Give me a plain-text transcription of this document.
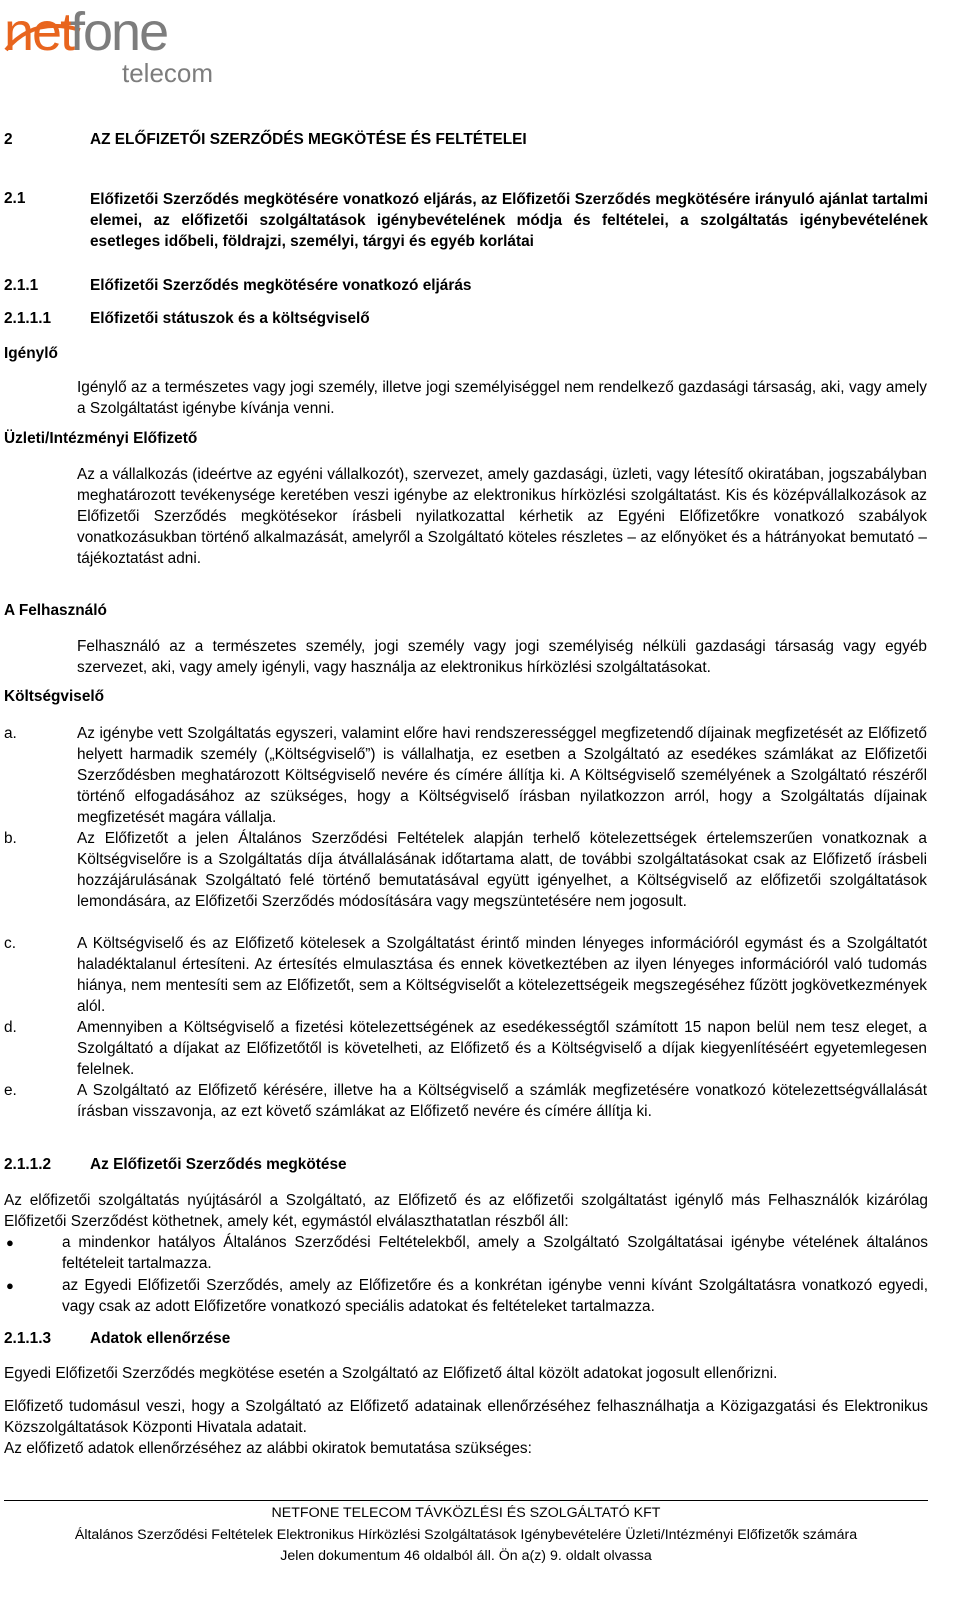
net
fone
telecom
2	AZ ELŐFIZETŐI SZERZŐDÉS MEGKÖTÉSE ÉS FELTÉTELEI
2.1	Előfizetői Szerződés megkötésére vonatkozó eljárás, az Előfizetői Szerződés megkötésére irányuló ajánlat tartalmi elemei, az előfizetői szolgáltatások igénybevételének módja és feltételei, a szolgáltatás igénybevételének esetleges időbeli, földrajzi, személyi, tárgyi és egyéb korlátai
2.1.1	Előfizetői Szerződés megkötésére vonatkozó eljárás
2.1.1.1	Előfizetői státuszok és a költségviselő
Igénylő
Igénylő az a természetes vagy jogi személy, illetve jogi személyiséggel nem rendelkező gazdasági társaság, aki, vagy amely a Szolgáltatást igénybe kívánja venni.
Üzleti/Intézményi Előfizető
Az a vállalkozás (ideértve az egyéni vállalkozót), szervezet, amely gazdasági, üzleti, vagy létesítő okiratában, jogszabályban meghatározott tevékenysége keretében veszi igénybe az elektronikus hírközlési szolgáltatást. Kis és középvállalkozások az Előfizetői Szerződés megkötésekor írásbeli nyilatkozattal kérhetik az Egyéni Előfizetőkre vonatkozó szabályok vonatkozásukban történő alkalmazását, amelyről a Szolgáltató köteles részletes – az előnyöket és a hátrányokat bemutató – tájékoztatást adni.
A Felhasználó
Felhasználó az a természetes személy, jogi személy vagy jogi személyiség nélküli gazdasági társaság vagy egyéb szervezet, aki, vagy amely igényli, vagy használja az elektronikus hírközlési szolgáltatásokat.
Költségviselő
a.	Az igénybe vett Szolgáltatás egyszeri, valamint előre havi rendszerességgel megfizetendő díjainak megfizetését az Előfizető helyett harmadik személy („Költségviselő”) is vállalhatja, ez esetben a Szolgáltató az esedékes számlákat az Előfizetői Szerződésben meghatározott Költségviselő nevére és címére állítja ki. A Költségviselő személyének a Szolgáltató részéről történő elfogadásához az szükséges, hogy a Költségviselő írásban nyilatkozzon arról, hogy a Szolgáltatás díjainak megfizetését magára vállalja.
b.	Az Előfizetőt a jelen Általános Szerződési Feltételek alapján terhelő kötelezettségek értelemszerűen vonatkoznak a Költségviselőre is a Szolgáltatás díja átvállalásának időtartama alatt, de további szolgáltatásokat csak az Előfizető írásbeli hozzájárulásának Szolgáltató felé történő bemutatásával együtt igényelhet, a Költségviselő az előfizetői szolgáltatások lemondására, az Előfizetői Szerződés módosítására vagy megszüntetésére nem jogosult.
c.	A Költségviselő és az Előfizető kötelesek a Szolgáltatást érintő minden lényeges információról egymást és a Szolgáltatót haladéktalanul értesíteni. Az értesítés elmulasztása és ennek következtében az ilyen lényeges információról való tudomás hiánya, nem mentesíti sem az Előfizetőt, sem a Költségviselőt a kötelezettségeik megszegéséhez fűzött jogkövetkezmények alól.
d.	Amennyiben a Költségviselő a fizetési kötelezettségének az esedékességtől számított 15 napon belül nem tesz eleget, a Szolgáltató a díjakat az Előfizetőtől is követelheti, az Előfizető és a Költségviselő a díjak kiegyenlítéséért egyetemlegesen felelnek.
e.	A Szolgáltató az Előfizető kérésére, illetve ha a Költségviselő a számlák megfizetésére vonatkozó kötelezettségvállalását írásban visszavonja, az ezt követő számlákat az Előfizető nevére és címére állítja ki.
2.1.1.2	Az Előfizetői Szerződés megkötése
Az előfizetői szolgáltatás nyújtásáról a Szolgáltató, az Előfizető és az előfizetői szolgáltatást igénylő más Felhasználók kizárólag Előfizetői Szerződést köthetnek, amely két, egymástól elválaszthatatlan részből áll:
●	a mindenkor hatályos Általános Szerződési Feltételekből, amely a Szolgáltató Szolgáltatásai igénybe vételének általános feltételeit tartalmazza.
●	az Egyedi Előfizetői Szerződés, amely az Előfizetőre és a konkrétan igénybe venni kívánt Szolgáltatásra vonatkozó egyedi, vagy csak az adott Előfizetőre vonatkozó speciális adatokat és feltételeket tartalmazza.
2.1.1.3	Adatok ellenőrzése
Egyedi Előfizetői Szerződés megkötése esetén a Szolgáltató az Előfizető által közölt adatokat jogosult ellenőrizni.
Előfizető tudomásul veszi, hogy a Szolgáltató az Előfizető adatainak ellenőrzéséhez felhasználhatja a Közigazgatási és Elektronikus Közszolgáltatások Központi Hivatala adatait.
Az előfizető adatok ellenőrzéséhez az alábbi okiratok bemutatása szükséges:
NETFONE TELECOM TÁVKÖZLÉSI ÉS SZOLGÁLTATÓ KFT
Általános Szerződési Feltételek Elektronikus Hírközlési Szolgáltatások Igénybevételére Üzleti/Intézményi Előfizetők számára
Jelen dokumentum 46 oldalból áll. Ön a(z) 9. oldalt olvassa
